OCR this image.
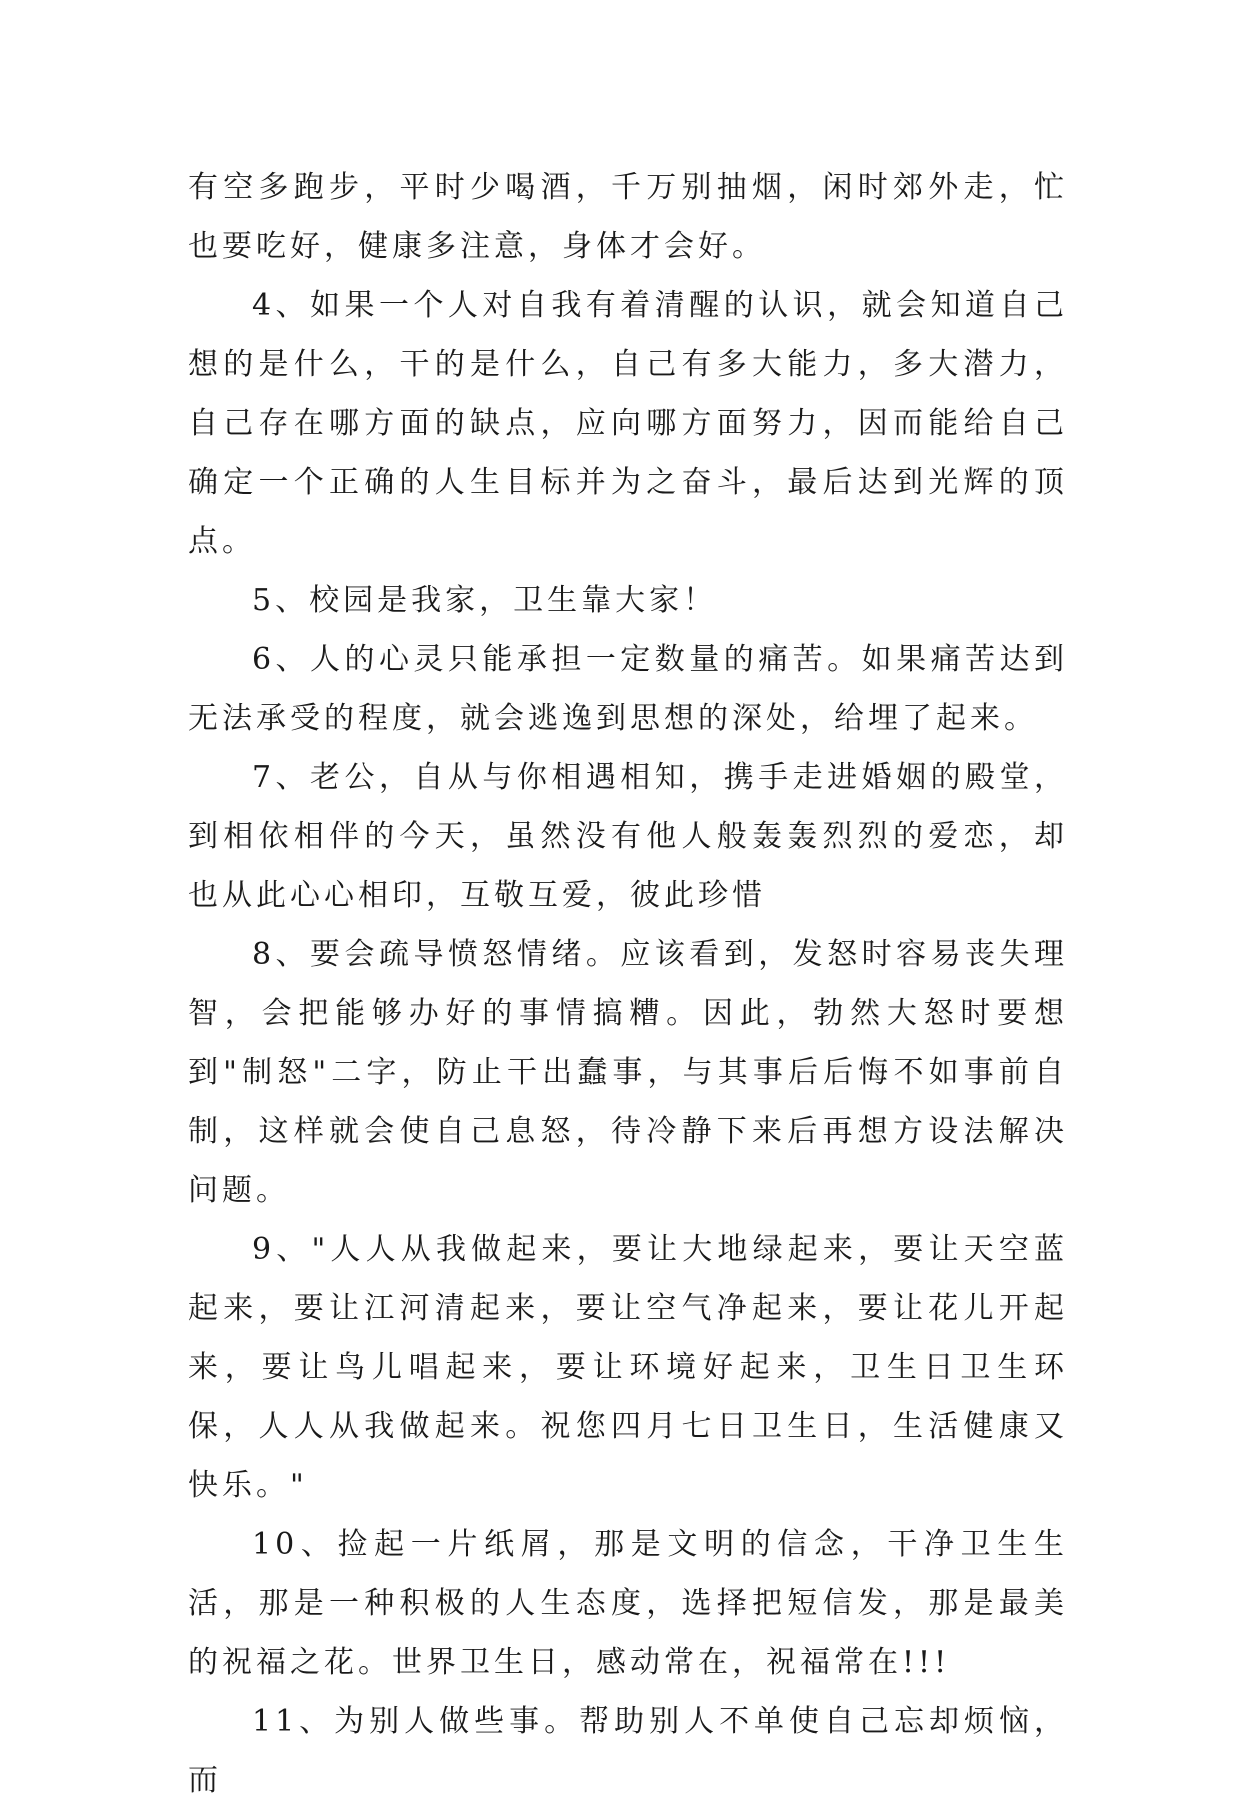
有空多跑步，平时少喝酒，千万别抽烟，闲时郊外走，忙也要吃好，健康多注意，身体才会好。

4、如果一个人对自我有着清醒的认识，就会知道自己想的是什么，干的是什么，自己有多大能力，多大潜力，自己存在哪方面的缺点，应向哪方面努力，因而能给自己确定一个正确的人生目标并为之奋斗，最后达到光辉的顶点。

5、校园是我家，卫生靠大家！

6、人的心灵只能承担一定数量的痛苦。如果痛苦达到无法承受的程度，就会逃逸到思想的深处，给埋了起来。

7、老公，自从与你相遇相知，携手走进婚姻的殿堂，到相依相伴的今天，虽然没有他人般轰轰烈烈的爱恋，却也从此心心相印，互敬互爱，彼此珍惜

8、要会疏导愤怒情绪。应该看到，发怒时容易丧失理智，会把能够办好的事情搞糟。因此，勃然大怒时要想到"制怒"二字，防止干出蠢事，与其事后后悔不如事前自制，这样就会使自己息怒，待冷静下来后再想方设法解决问题。

9、"人人从我做起来，要让大地绿起来，要让天空蓝起来，要让江河清起来，要让空气净起来，要让花儿开起来，要让鸟儿唱起来，要让环境好起来，卫生日卫生环保，人人从我做起来。祝您四月七日卫生日，生活健康又快乐。"

10、捡起一片纸屑，那是文明的信念，干净卫生生活，那是一种积极的人生态度，选择把短信发，那是最美的祝福之花。世界卫生日，感动常在，祝福常在!!!

11、为别人做些事。帮助别人不单使自己忘却烦恼，而
